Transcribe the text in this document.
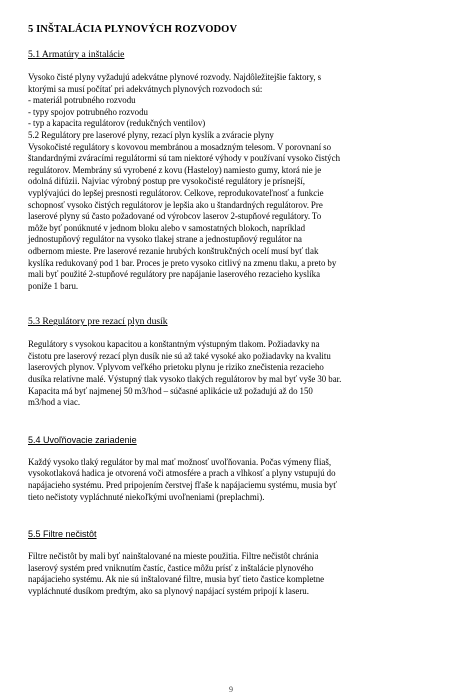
5 INŠTALÁCIA PLYNOVÝCH ROZVODOV
5.1 Armatúry a inštalácie
Vysoko čisté plyny vyžadujú adekvátne plynové rozvody. Najdôležitejšie faktory, s
ktorými sa musí počítať pri adekvátnych plynových rozvodoch sú:
- materiál potrubného rozvodu
- typy spojov potrubného rozvodu
- typ a kapacita regulátorov (redukčných ventilov)
5.2 Regulátory pre laserové plyny, rezací plyn kyslík a zváracie plyny
Vysokočisté regulátory s kovovou membránou a mosadzným telesom. V porovnaní so
štandardnými zváracími regulátormi sú tam niektoré výhody v používaní vysoko čistých
regulátorov. Membrány sú vyrobené z kovu (Hasteloy) namiesto gumy, ktorá nie je
odolná difúzii. Najviac výrobný postup pre vysokočisté regulátory je prísnejší,
vyplývajúci do lepšej presnosti regulátorov. Celkove, reprodukovateľnosť a funkcie
schopnosť vysoko čistých regulátorov je lepšia ako u štandardných regulátorov. Pre
laserové plyny sú často požadované od výrobcov laserov 2-stupňové regulátory. To
môže byť ponúknuté v jednom bloku alebo v samostatných blokoch, napríklad
jednostupňový regulátor na vysoko tlakej strane a jednostupňový regulátor na
odbernom mieste. Pre laserové rezanie hrubých konštrukčných ocelí musí byť tlak
kyslíka redukovaný pod 1 bar. Proces je preto vysoko citlivý na zmenu tlaku, a preto by
mali byť použité 2-stupňové regulátory pre napájanie laserového rezacieho kyslíka
poniže 1 baru.
5.3 Regulátory pre rezací plyn dusík
Regulátory s vysokou kapacitou a konštantným výstupným tlakom. Požiadavky na
čistotu pre laserový rezací plyn dusík nie sú až také vysoké ako požiadavky na kvalitu
laserových plynov. Vplyvom veľkého prietoku plynu je riziko znečistenia rezacieho
dusíka relatívne malé. Výstupný tlak vysoko tlakých regulátorov by mal byť vyše 30 bar.
Kapacita má byť najmenej 50 m3/hod – súčasné aplikácie už požadujú až do 150
m3/hod a viac.
5.4 Uvoľňovacie zariadenie
Každý vysoko tlaký regulátor by mal mať možnosť uvoľňovania. Počas výmeny fliaš,
vysokotlaková hadica je otvorená voči atmosfére a prach a vlhkosť a plyny vstupujú do
napájacieho systému. Pred pripojením čerstvej fľaše k napájaciemu systému, musia byť
tieto nečistoty vypláchnuté niekoľkými uvoľneniami (preplachmi).
5.5 Filtre nečistôt
Filtre nečistôt by mali byť nainštalované na mieste použitia. Filtre nečistôt chránia
laserový systém pred vniknutím častíc, častice môžu prísť z inštalácie plynového
napájacieho systému. Ak nie sú inštalované filtre, musia byť tieto častice kompletne
vypláchnuté dusíkom predtým, ako sa plynový napájací systém pripojí k laseru.
9
